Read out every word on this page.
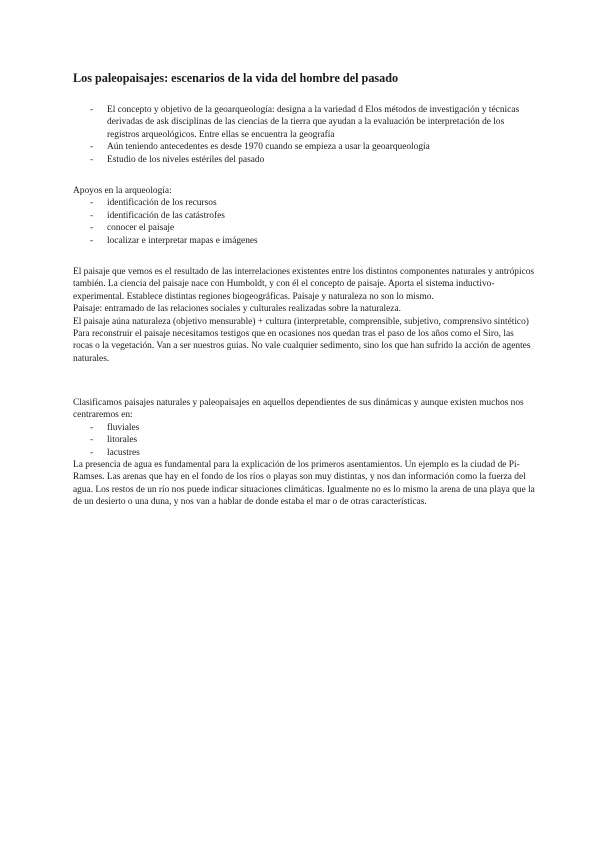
Los paleopaisajes: escenarios de la vida del hombre del pasado
- El concepto y objetivo de la geoarqueología: designa a la variedad d Elos métodos de investigación y técnicas derivadas de ask disciplinas de las ciencias de la tierra que ayudan a la evaluación be interpretación de los registros arqueológicos. Entre ellas se encuentra la geografía
- Aún teniendo antecedentes es desde 1970 cuando se empieza a usar la geoarqueología
- Estudio de los niveles estériles del pasado

Apoyos en la arqueología:

- identificación de los recursos
- identificación de las catástrofes
- conocer el paisaje
- localizar e interpretar mapas e imágenes

El paisaje que vemos es el resultado de las interrelaciones existentes entre los distintos componentes naturales y antrópicos también. La ciencia del paisaje nace con Humboldt, y con él el concepto de paisaje. Aporta el sistema inductivo-experimental. Establece distintas regiones biogeográficas. Paisaje y naturaleza no son lo mismo.

Paisaje: entramado de las relaciones sociales y culturales realizadas sobre la naturaleza.

El paisaje aúna naturaleza (objetivo mensurable) + cultura (interpretable, comprensible, subjetivo, comprensivo sintético)

Para reconstruir el paisaje necesitamos testigos que en ocasiones nos quedan tras el paso de los años como el Siro, las rocas o la vegetación. Van a ser nuestros guías. No vale cualquier sedimento, sino los que han sufrido la acción de agentes naturales.

Clasificamos paisajes naturales y paleopaisajes en aquellos dependientes de sus dinámicas y aunque existen muchos nos centraremos en:

- fluviales
- litorales
- lacustres

La presencia de agua es fundamental para la explicación de los primeros asentamientos. Un ejemplo es la ciudad de Pi-Ramses. Las arenas que hay en el fondo de los ríos o playas son muy distintas, y nos dan información como la fuerza del agua. Los restos de un río nos puede indicar situaciones climáticas. Igualmente no es lo mismo la arena de una playa que la de un desierto o una duna, y nos van a hablar de donde estaba el mar o de otras características.
